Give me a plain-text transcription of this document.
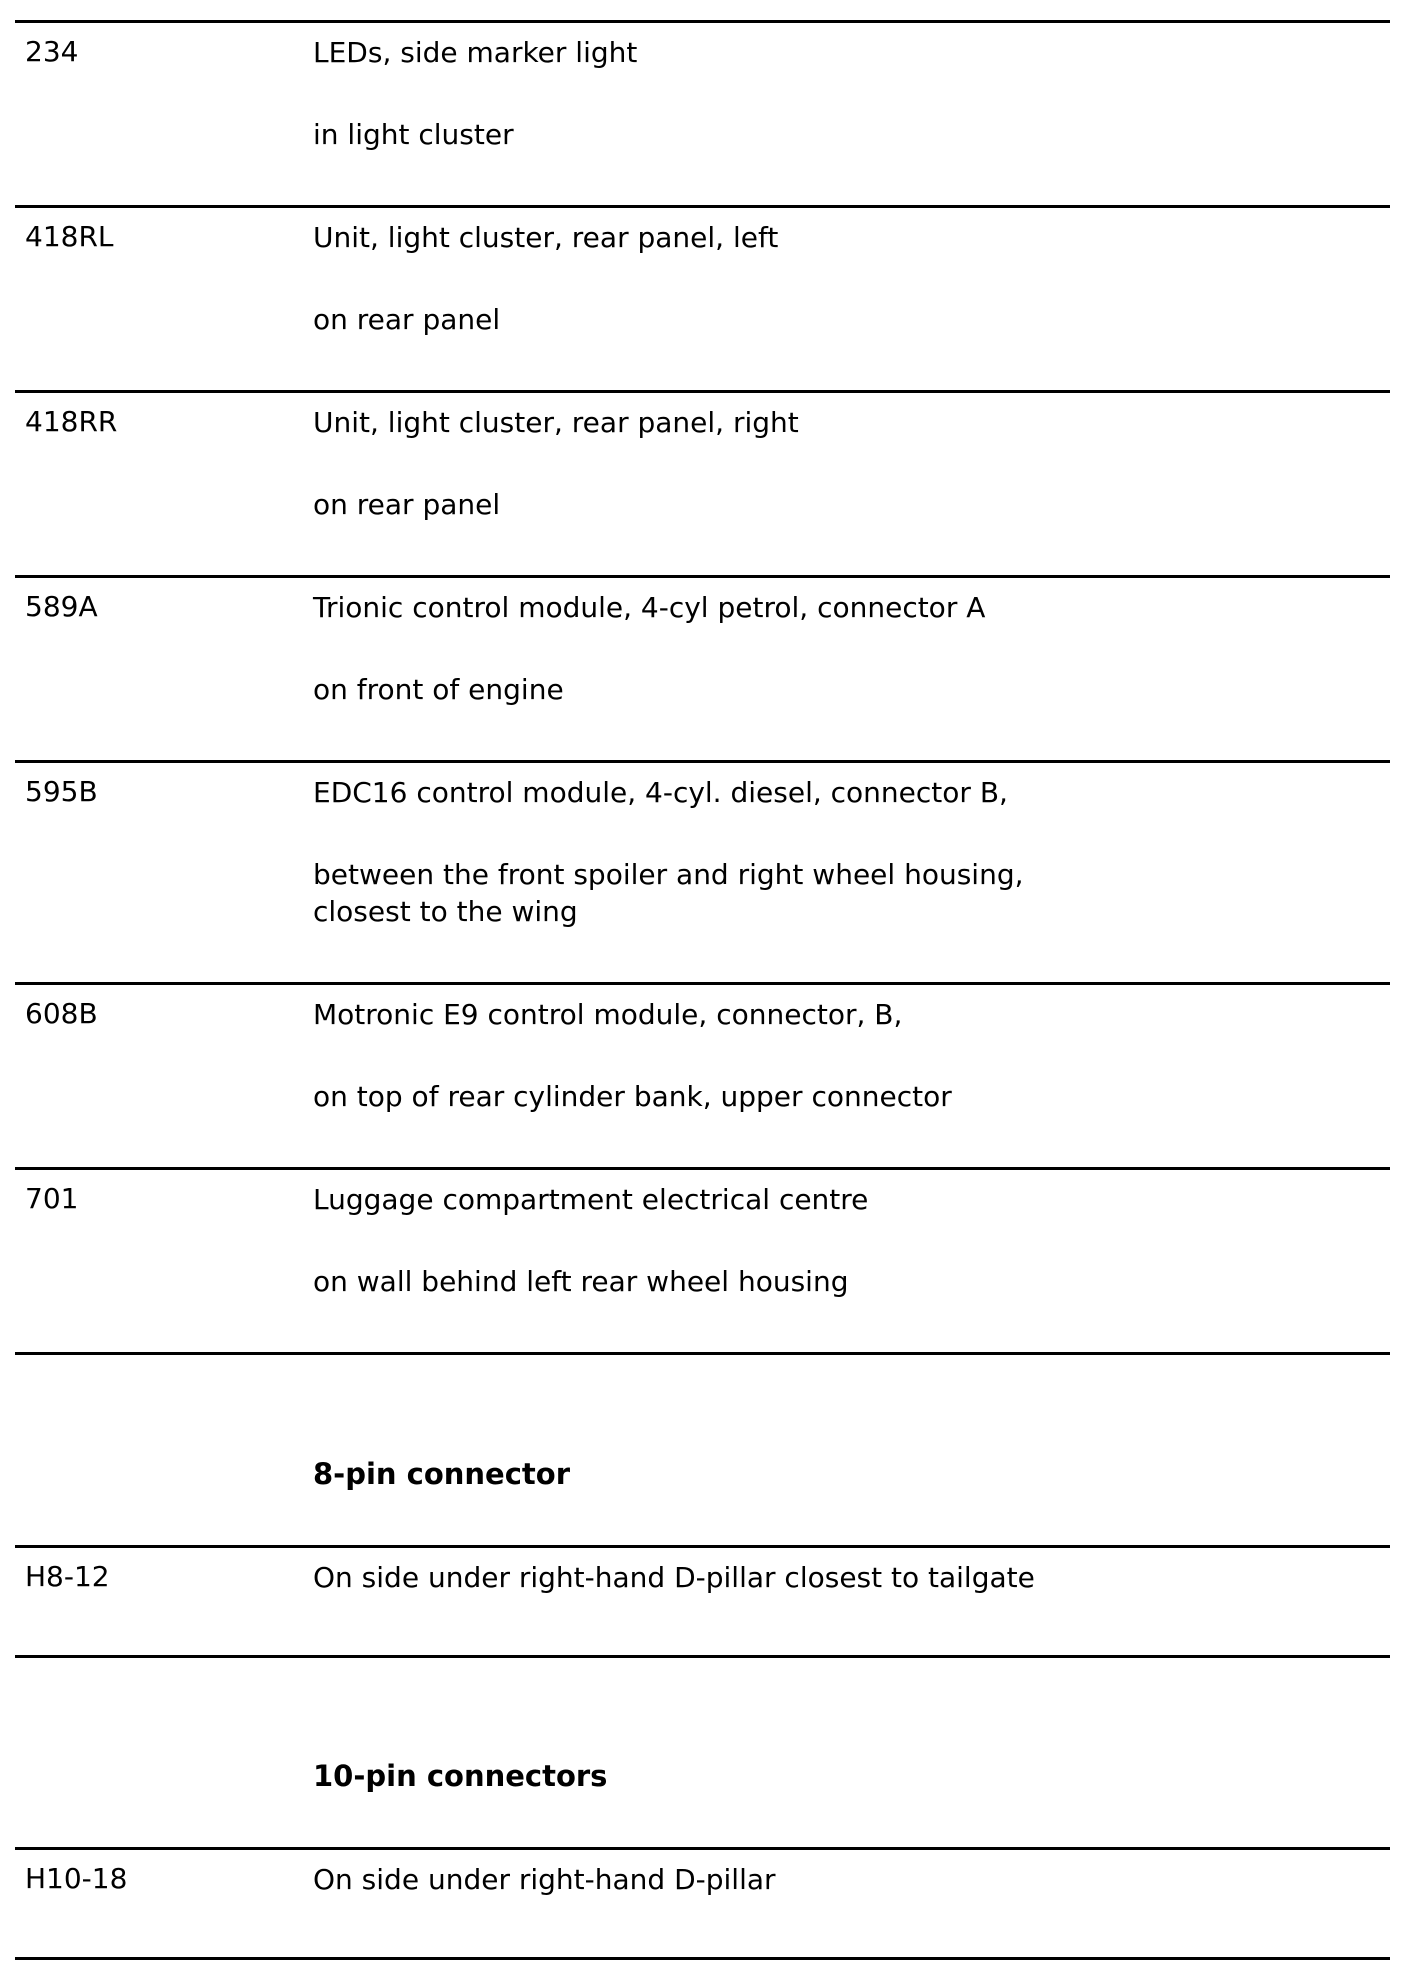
234	LEDs, side marker light
in light cluster
418RL	Unit, light cluster, rear panel, left
on rear panel
418RR	Unit, light cluster, rear panel, right
on rear panel
589A	Trionic control module, 4-cyl petrol, connector A
on front of engine
595B	EDC16 control module, 4-cyl. diesel, connector B,
between the front spoiler and right wheel housing,
closest to the wing
608B	Motronic E9 control module, connector, B,
on top of rear cylinder bank, upper connector
701	Luggage compartment electrical centre
on wall behind left rear wheel housing
8-pin connector
H8-12	On side under right-hand D-pillar closest to tailgate
10-pin connectors
H10-18	On side under right-hand D-pillar
